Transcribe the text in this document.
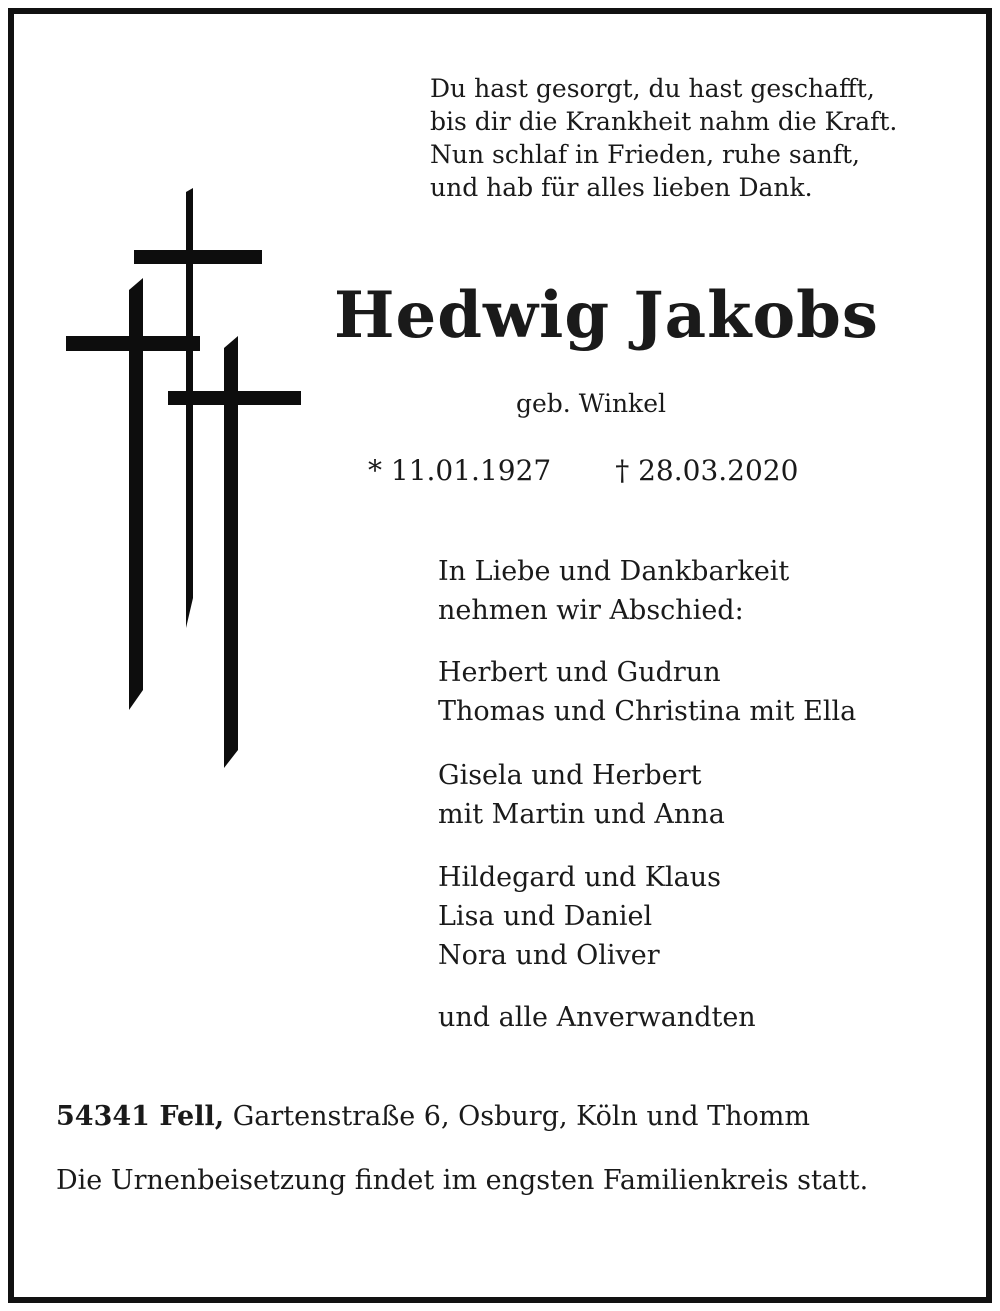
Du hast gesorgt, du hast geschafft,
bis dir die Krankheit nahm die Kraft.
Nun schlaf in Frieden, ruhe sanft,
und hab für alles lieben Dank.
Hedwig Jakobs
geb. Winkel
* 11.01.1927 † 28.03.2020
In Liebe und Dankbarkeit
nehmen wir Abschied:
Herbert und Gudrun
Thomas und Christina mit Ella
Gisela und Herbert
mit Martin und Anna
Hildegard und Klaus
Lisa und Daniel
Nora und Oliver
und alle Anverwandten
54341 Fell, Gartenstraße 6, Osburg, Köln und Thomm
Die Urnenbeisetzung findet im engsten Familienkreis statt.
